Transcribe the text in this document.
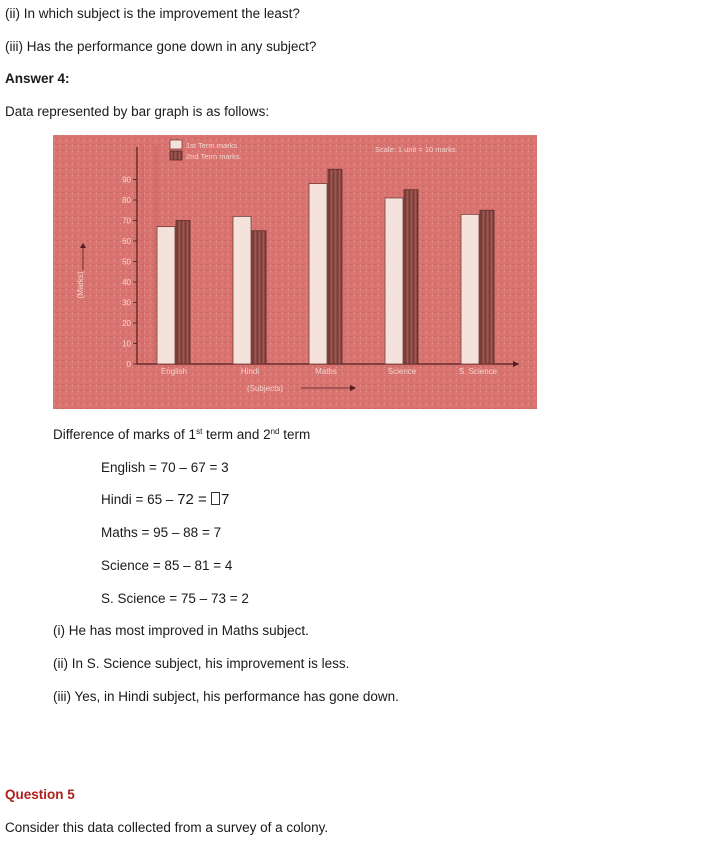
(ii) In which subject is the improvement the least?
(iii) Has the performance gone down in any subject?
Answer 4:
Data represented by bar graph is as follows:
0
10
20
30
40
50
60
70
80
90
(Marks)
English	Hindi	Maths	Science	S. Science
(Subjects)
1st Term marks
2nd Term marks
Scale: 1 unit = 10 marks
Difference of marks of 1st term and 2nd term
English = 70 – 67 = 3
Hindi = 65 – 72 = 7
Maths = 95 – 88 = 7
Science = 85 – 81 = 4
S. Science = 75 – 73 = 2
(i) He has most improved in Maths subject.
(ii) In S. Science subject, his improvement is less.
(iii) Yes, in Hindi subject, his performance has gone down.
Question 5
Consider this data collected from a survey of a colony.
